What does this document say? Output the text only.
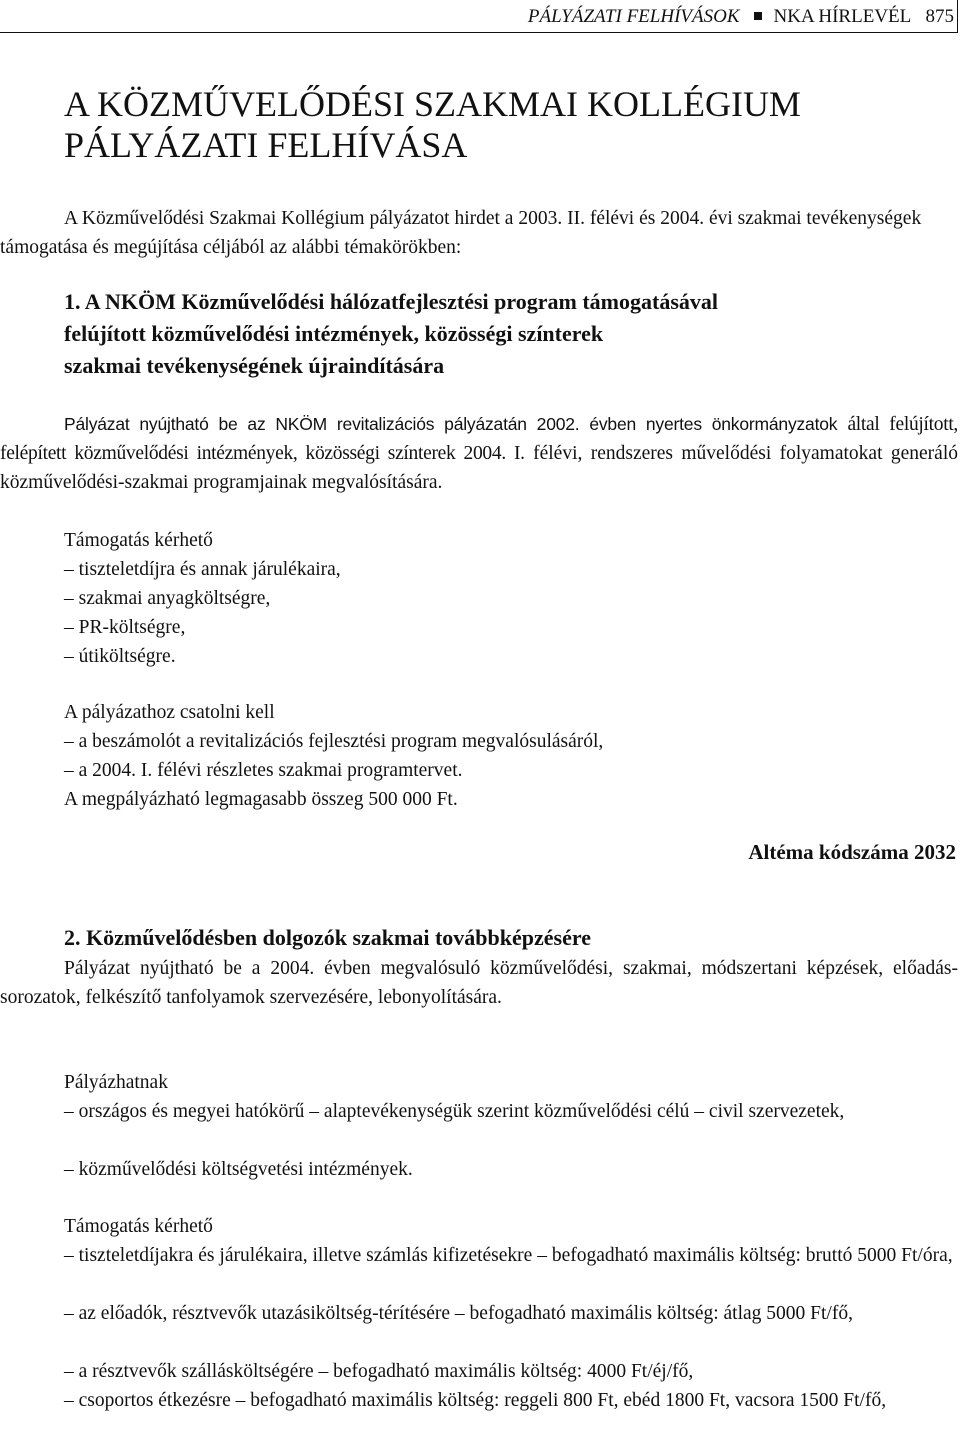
PÁLYÁZATI FELHÍVÁSOK NKA HÍRLEVÉL 875
A KÖZMŰVELŐDÉSI SZAKMAI KOLLÉGIUM
PÁLYÁZATI FELHÍVÁSA

A Közművelődési Szakmai Kollégium pályázatot hirdet a 2003. II. félévi és 2004. évi szakmai tevékenységek támogatása és megújítása céljából az alábbi témakörökben:

1. A NKÖM Közművelődési hálózatfejlesztési program támogatásával
felújított közművelődési intézmények, közösségi színterek
szakmai tevékenységének újraindítására

Pályázat nyújtható be az NKÖM revitalizációs pályázatán 2002. évben nyertes önkormányzatok által felújított, felépített közművelődési intézmények, közösségi színterek 2004. I. félévi, rendszeres művelődési folyamatokat generáló közművelődési-szakmai programjainak megvalósítására.

Támogatás kérhető
– tiszteletdíjra és annak járulékaira,
– szakmai anyagköltségre,
– PR-költségre,
– útiköltségre.
A pályázathoz csatolni kell
– a beszámolót a revitalizációs fejlesztési program megvalósulásáról,
– a 2004. I. félévi részletes szakmai programtervet.
A megpályázható legmagasabb összeg 500 000 Ft.
Altéma kódszáma 2032
2. Közművelődésben dolgozók szakmai továbbképzésére

Pályázat nyújtható be a 2004. évben megvalósuló közművelődési, szakmai, módszertani képzések, előadás-sorozatok, felkészítő tanfolyamok szervezésére, lebonyolítására.

Pályázhatnak

– országos és megyei hatókörű – alaptevékenységük szerint közművelődési célú – civil szervezetek,

– közművelődési költségvetési intézmények.

Támogatás kérhető

– tiszteletdíjakra és járulékaira, illetve számlás kifizetésekre – befogadható maximális költség: bruttó 5000 Ft/óra,

– az előadók, résztvevők utazásiköltség-térítésére – befogadható maximális költség: átlag 5000 Ft/fő,

– a résztvevők szállásköltségére – befogadható maximális költség: 4000 Ft/éj/fő,

– csoportos étkezésre – befogadható maximális költség: reggeli 800 Ft, ebéd 1800 Ft, vacsora 1500 Ft/fő,
